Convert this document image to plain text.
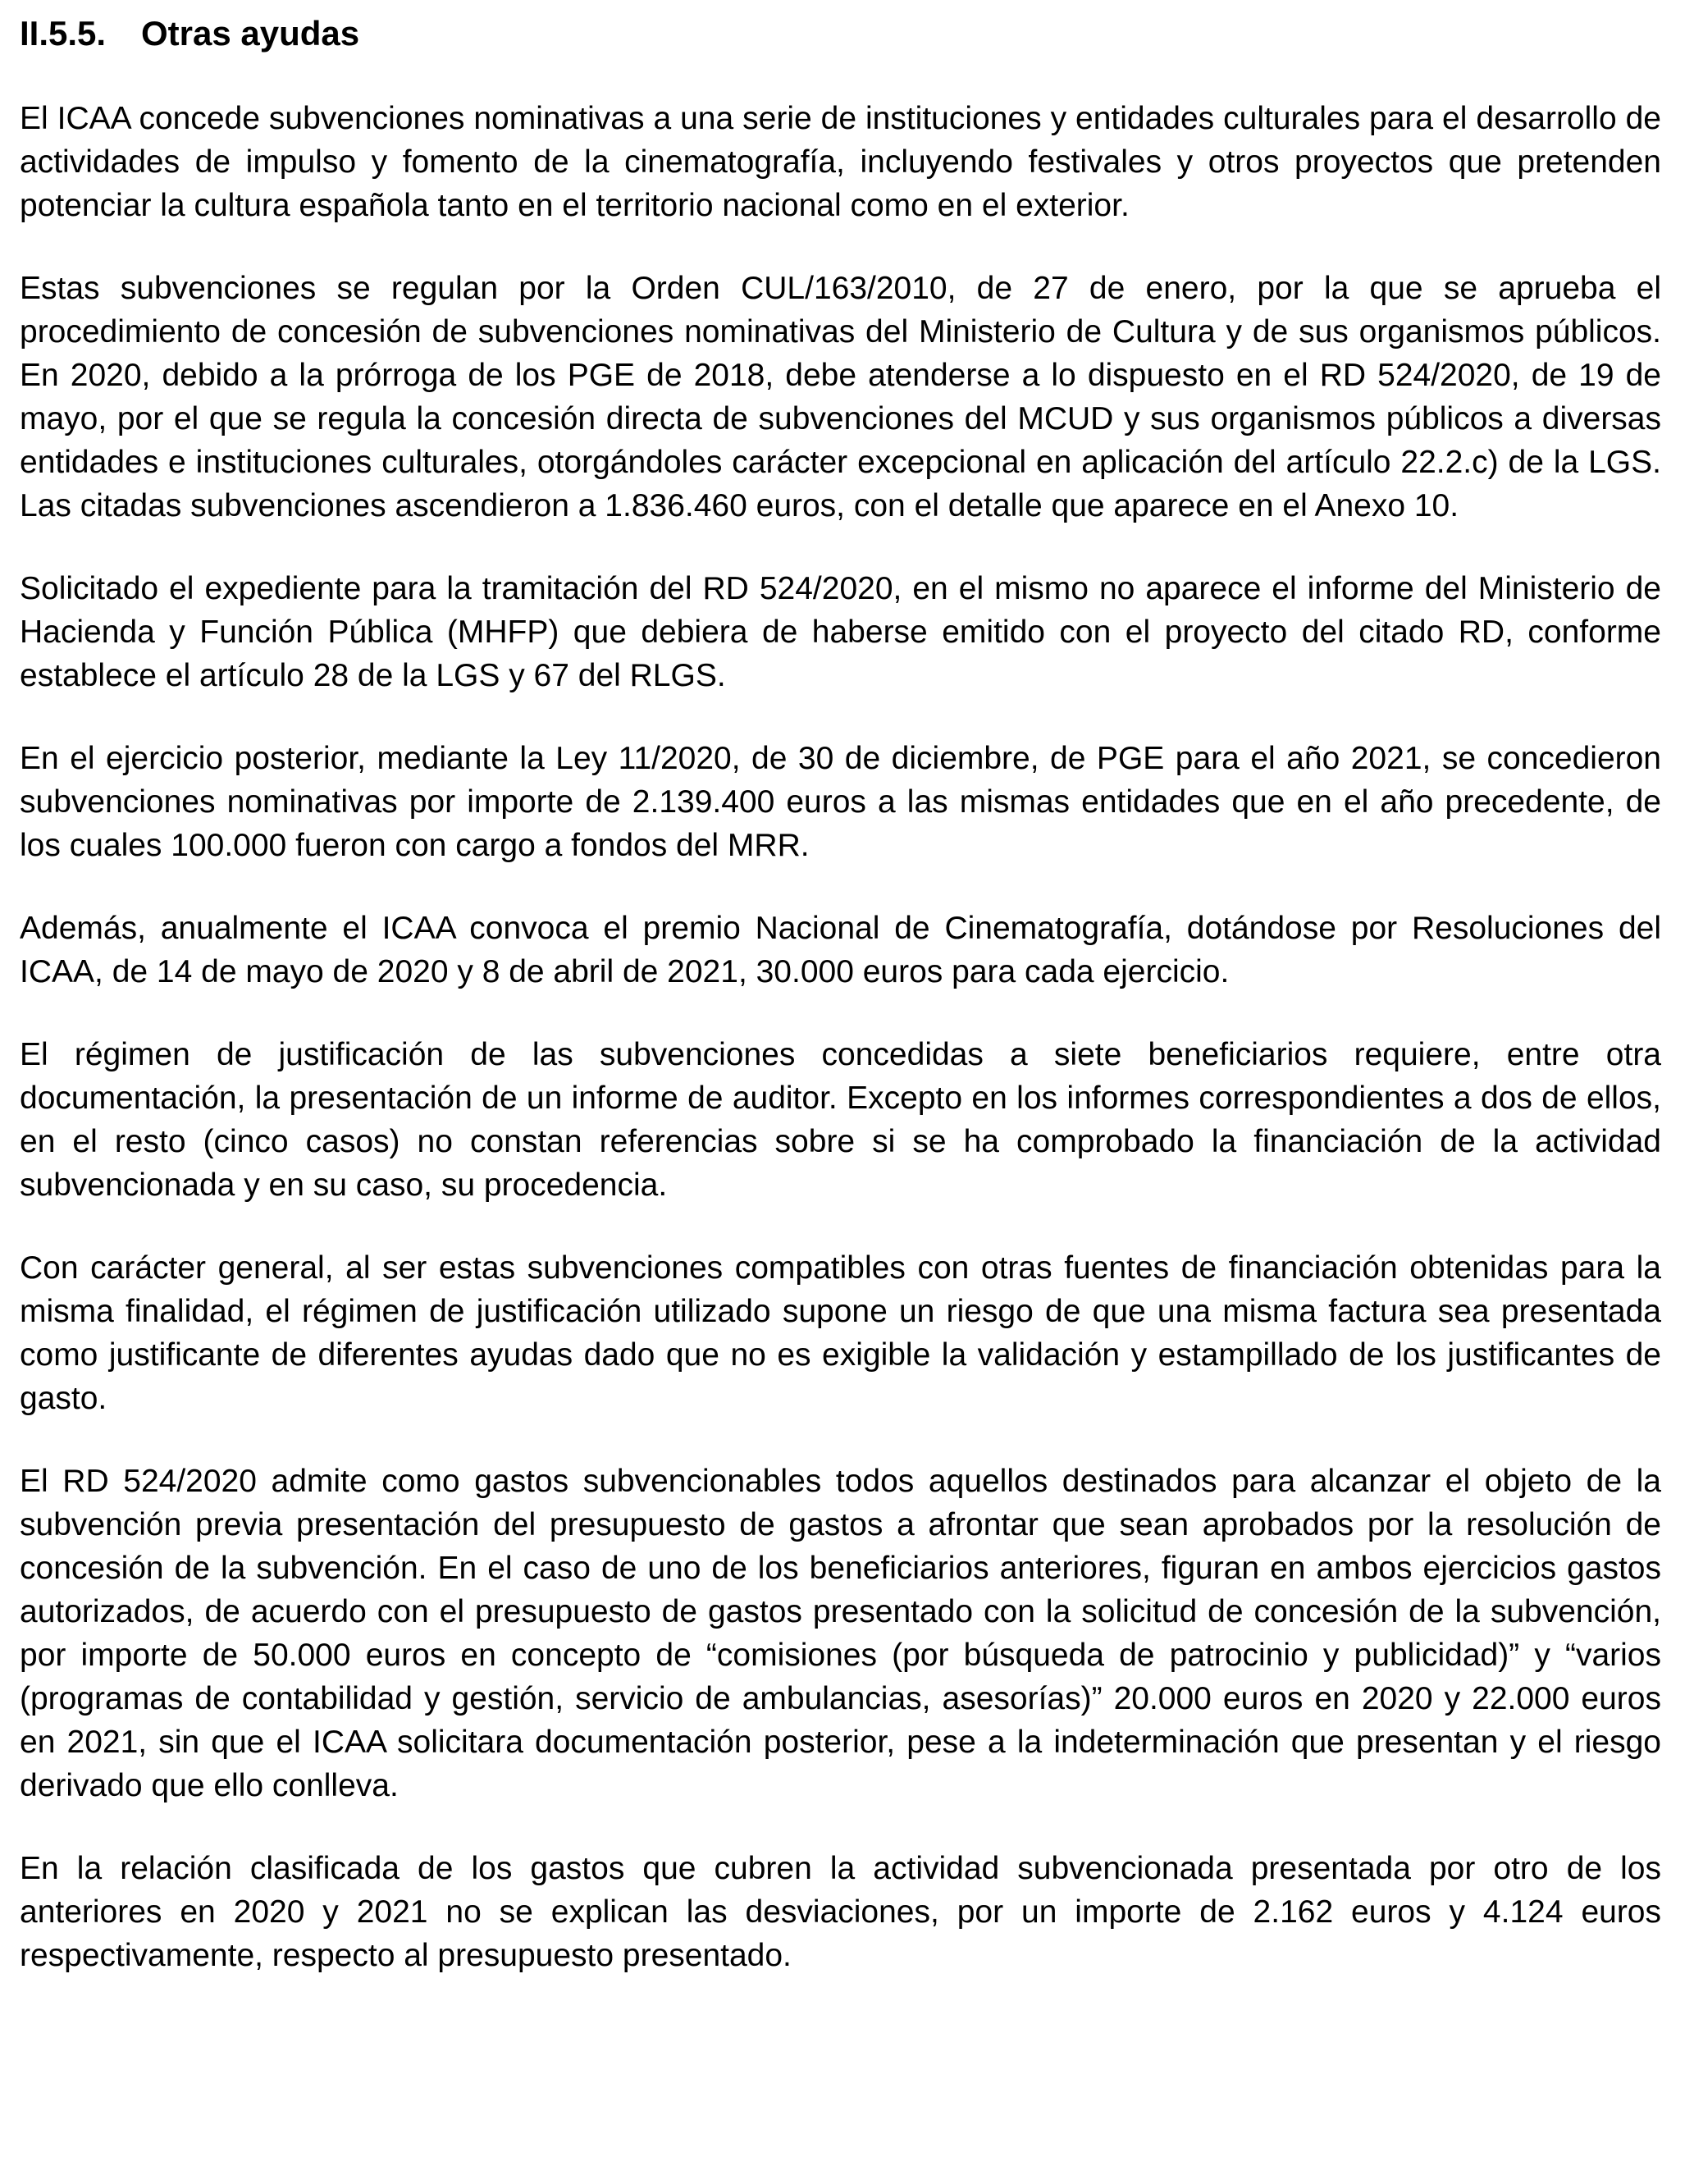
II.5.5. Otras ayudas

El ICAA concede subvenciones nominativas a una serie de instituciones y entidades culturales para el desarrollo de actividades de impulso y fomento de la cinematografía, incluyendo festivales y otros proyectos que pretenden potenciar la cultura española tanto en el territorio nacional como en el exterior.

Estas subvenciones se regulan por la Orden CUL/163/2010, de 27 de enero, por la que se aprueba el procedimiento de concesión de subvenciones nominativas del Ministerio de Cultura y de sus organismos públicos. En 2020, debido a la prórroga de los PGE de 2018, debe atenderse a lo dispuesto en el RD 524/2020, de 19 de mayo, por el que se regula la concesión directa de subvenciones del MCUD y sus organismos públicos a diversas entidades e instituciones culturales, otorgándoles carácter excepcional en aplicación del artículo 22.2.c) de la LGS. Las citadas subvenciones ascendieron a 1.836.460 euros, con el detalle que aparece en el Anexo 10.

Solicitado el expediente para la tramitación del RD 524/2020, en el mismo no aparece el informe del Ministerio de Hacienda y Función Pública (MHFP) que debiera de haberse emitido con el proyecto del citado RD, conforme establece el artículo 28 de la LGS y 67 del RLGS.

En el ejercicio posterior, mediante la Ley 11/2020, de 30 de diciembre, de PGE para el año 2021, se concedieron subvenciones nominativas por importe de 2.139.400 euros a las mismas entidades que en el año precedente, de los cuales 100.000 fueron con cargo a fondos del MRR.

Además, anualmente el ICAA convoca el premio Nacional de Cinematografía, dotándose por Resoluciones del ICAA, de 14 de mayo de 2020 y 8 de abril de 2021, 30.000 euros para cada ejercicio.

El régimen de justificación de las subvenciones concedidas a siete beneficiarios requiere, entre otra documentación, la presentación de un informe de auditor. Excepto en los informes correspondientes a dos de ellos, en el resto (cinco casos) no constan referencias sobre si se ha comprobado la financiación de la actividad subvencionada y en su caso, su procedencia.

Con carácter general, al ser estas subvenciones compatibles con otras fuentes de financiación obtenidas para la misma finalidad, el régimen de justificación utilizado supone un riesgo de que una misma factura sea presentada como justificante de diferentes ayudas dado que no es exigible la validación y estampillado de los justificantes de gasto.

El RD 524/2020 admite como gastos subvencionables todos aquellos destinados para alcanzar el objeto de la subvención previa presentación del presupuesto de gastos a afrontar que sean aprobados por la resolución de concesión de la subvención. En el caso de uno de los beneficiarios anteriores, figuran en ambos ejercicios gastos autorizados, de acuerdo con el presupuesto de gastos presentado con la solicitud de concesión de la subvención, por importe de 50.000 euros en concepto de “comisiones (por búsqueda de patrocinio y publicidad)” y “varios (programas de contabilidad y gestión, servicio de ambulancias, asesorías)” 20.000 euros en 2020 y 22.000 euros en 2021, sin que el ICAA solicitara documentación posterior, pese a la indeterminación que presentan y el riesgo derivado que ello conlleva.

En la relación clasificada de los gastos que cubren la actividad subvencionada presentada por otro de los anteriores en 2020 y 2021 no se explican las desviaciones, por un importe de 2.162 euros y 4.124 euros respectivamente, respecto al presupuesto presentado.
